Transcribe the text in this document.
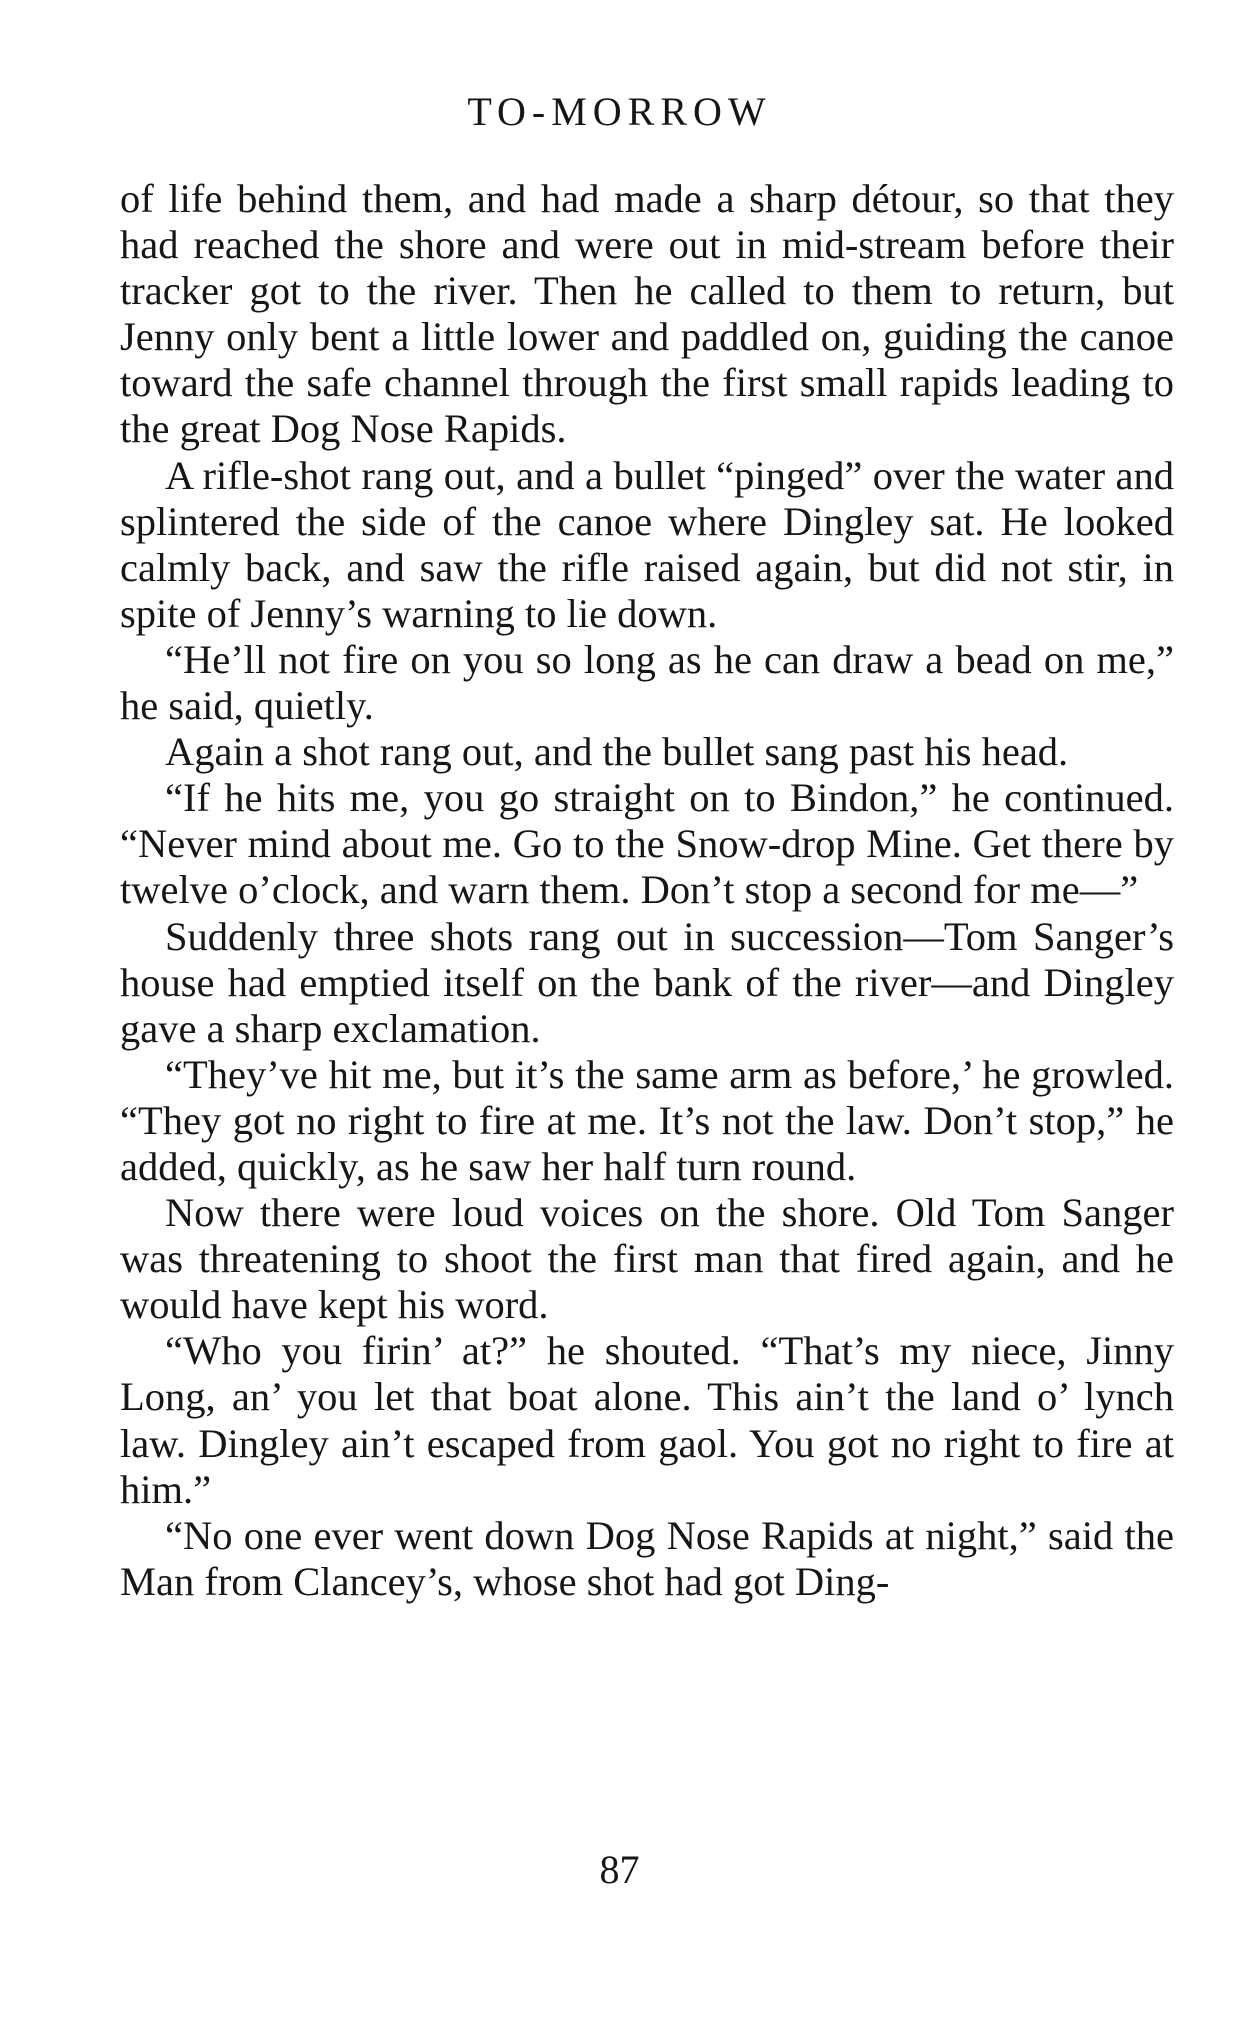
TO-MORROW

of life behind them, and had made a sharp détour, so that they had reached the shore and were out in mid-stream before their tracker got to the river. Then he called to them to return, but Jenny only bent a little lower and paddled on, guiding the canoe toward the safe channel through the first small rapids leading to the great Dog Nose Rapids.

A rifle-shot rang out, and a bullet “pinged” over the water and splintered the side of the canoe where Dingley sat. He looked calmly back, and saw the rifle raised again, but did not stir, in spite of Jenny’s warning to lie down.

“He’ll not fire on you so long as he can draw a bead on me,” he said, quietly.

Again a shot rang out, and the bullet sang past his head.

“If he hits me, you go straight on to Bindon,” he continued. “Never mind about me. Go to the Snow-drop Mine. Get there by twelve o’clock, and warn them. Don’t stop a second for me—”

Suddenly three shots rang out in succession—Tom Sanger’s house had emptied itself on the bank of the river—and Dingley gave a sharp exclamation.

“They’ve hit me, but it’s the same arm as before,’ he growled. “They got no right to fire at me. It’s not the law. Don’t stop,” he added, quickly, as he saw her half turn round.

Now there were loud voices on the shore. Old Tom Sanger was threatening to shoot the first man that fired again, and he would have kept his word.

“Who you firin’ at?” he shouted. “That’s my niece, Jinny Long, an’ you let that boat alone. This ain’t the land o’ lynch law. Dingley ain’t escaped from gaol. You got no right to fire at him.”

“No one ever went down Dog Nose Rapids at night,” said the Man from Clancey’s, whose shot had got Ding-

87
